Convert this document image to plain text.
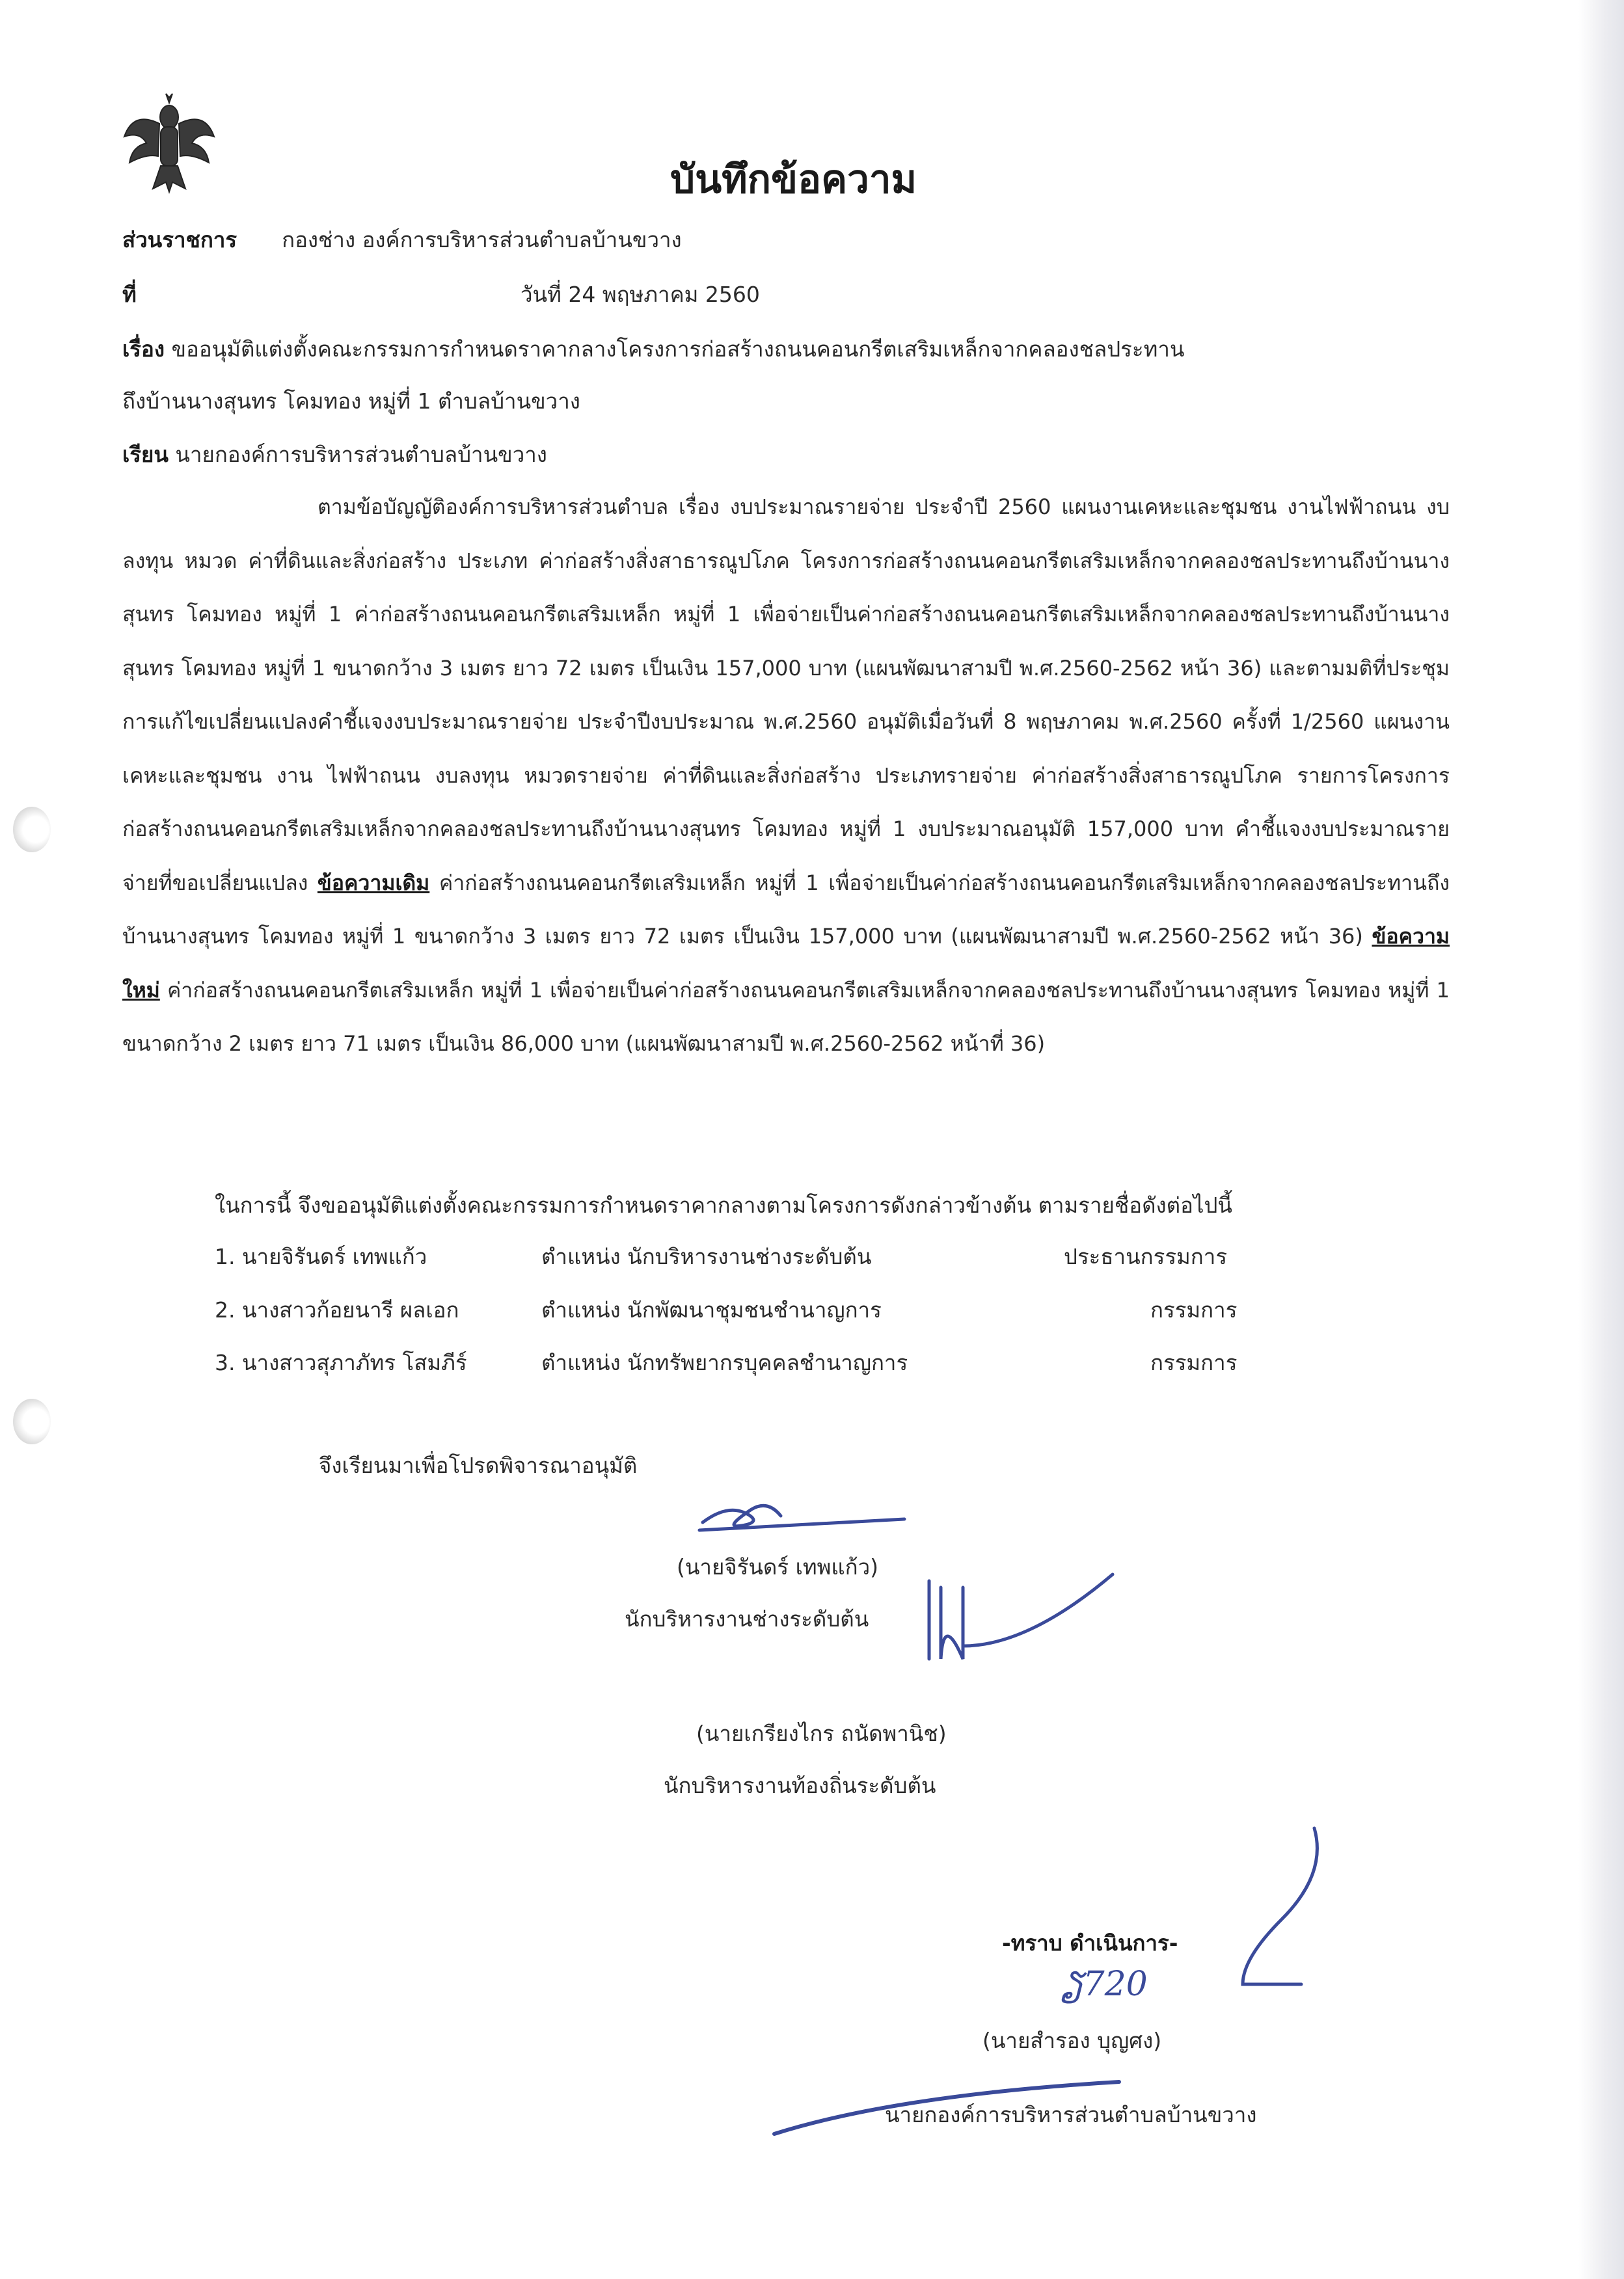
บันทึกข้อความ
ส่วนราชการ กองช่าง องค์การบริหารส่วนตำบลบ้านขวาง
ที่	วันที่ 24 พฤษภาคม 2560
เรื่อง ขออนุมัติแต่งตั้งคณะกรรมการกำหนดราคากลางโครงการก่อสร้างถนนคอนกรีตเสริมเหล็กจากคลองชลประทาน
ถึงบ้านนางสุนทร โคมทอง หมู่ที่ 1 ตำบลบ้านขวาง
เรียน นายกองค์การบริหารส่วนตำบลบ้านขวาง
ตามข้อบัญญัติองค์การบริหารส่วนตำบล เรื่อง งบประมาณรายจ่าย ประจำปี 2560 แผนงานเคหะและชุมชน งานไฟฟ้าถนน งบลงทุน หมวด ค่าที่ดินและสิ่งก่อสร้าง ประเภท ค่าก่อสร้างสิ่งสาธารณูปโภค โครงการก่อสร้างถนนคอนกรีตเสริมเหล็กจากคลองชลประทานถึงบ้านนางสุนทร โคมทอง หมู่ที่ 1 ค่าก่อสร้างถนนคอนกรีตเสริมเหล็ก หมู่ที่ 1 เพื่อจ่ายเป็นค่าก่อสร้างถนนคอนกรีตเสริมเหล็กจากคลองชลประทานถึงบ้านนางสุนทร โคมทอง หมู่ที่ 1 ขนาดกว้าง 3 เมตร ยาว 72 เมตร เป็นเงิน 157,000 บาท (แผนพัฒนาสามปี พ.ศ.2560-2562 หน้า 36) และตามมติที่ประชุมการแก้ไขเปลี่ยนแปลงคำชี้แจงงบประมาณรายจ่าย ประจำปีงบประมาณ พ.ศ.2560 อนุมัติเมื่อวันที่ 8 พฤษภาคม พ.ศ.2560 ครั้งที่ 1/2560 แผนงานเคหะและชุมชน งาน ไฟฟ้าถนน งบลงทุน หมวดรายจ่าย ค่าที่ดินและสิ่งก่อสร้าง ประเภทรายจ่าย ค่าก่อสร้างสิ่งสาธารณูปโภค รายการโครงการก่อสร้างถนนคอนกรีตเสริมเหล็กจากคลองชลประทานถึงบ้านนางสุนทร โคมทอง หมู่ที่ 1 งบประมาณอนุมัติ 157,000 บาท คำชี้แจงงบประมาณรายจ่ายที่ขอเปลี่ยนแปลง ข้อความเดิม ค่าก่อสร้างถนนคอนกรีตเสริมเหล็ก หมู่ที่ 1 เพื่อจ่ายเป็นค่าก่อสร้างถนนคอนกรีตเสริมเหล็กจากคลองชลประทานถึงบ้านนางสุนทร โคมทอง หมู่ที่ 1 ขนาดกว้าง 3 เมตร ยาว 72 เมตร เป็นเงิน 157,000 บาท (แผนพัฒนาสามปี พ.ศ.2560-2562 หน้า 36) ข้อความใหม่ ค่าก่อสร้างถนนคอนกรีตเสริมเหล็ก หมู่ที่ 1 เพื่อจ่ายเป็นค่าก่อสร้างถนนคอนกรีตเสริมเหล็กจากคลองชลประทานถึงบ้านนางสุนทร โคมทอง หมู่ที่ 1 ขนาดกว้าง 2 เมตร ยาว 71 เมตร เป็นเงิน 86,000 บาท (แผนพัฒนาสามปี พ.ศ.2560-2562 หน้าที่ 36)
ในการนี้ จึงขออนุมัติแต่งตั้งคณะกรรมการกำหนดราคากลางตามโครงการดังกล่าวข้างต้น ตามรายชื่อดังต่อไปนี้
1. นายจิรันดร์ เทพแก้ว	ตำแหน่ง นักบริหารงานช่างระดับต้น	ประธานกรรมการ
2. นางสาวก้อยนารี ผลเอก	ตำแหน่ง นักพัฒนาชุมชนชำนาญการ	กรรมการ
3. นางสาวสุภาภัทร โสมภีร์	ตำแหน่ง นักทรัพยากรบุคคลชำนาญการ	กรรมการ
จึงเรียนมาเพื่อโปรดพิจารณาอนุมัติ
(นายจิรันดร์ เทพแก้ว)
นักบริหารงานช่างระดับต้น
(นายเกรียงไกร ถนัดพานิช)
นักบริหารงานท้องถิ่นระดับต้น
-ทราบ ดำเนินการ-
ຽ720
(นายสำรอง บุญศง)
นายกองค์การบริหารส่วนตำบลบ้านขวาง
